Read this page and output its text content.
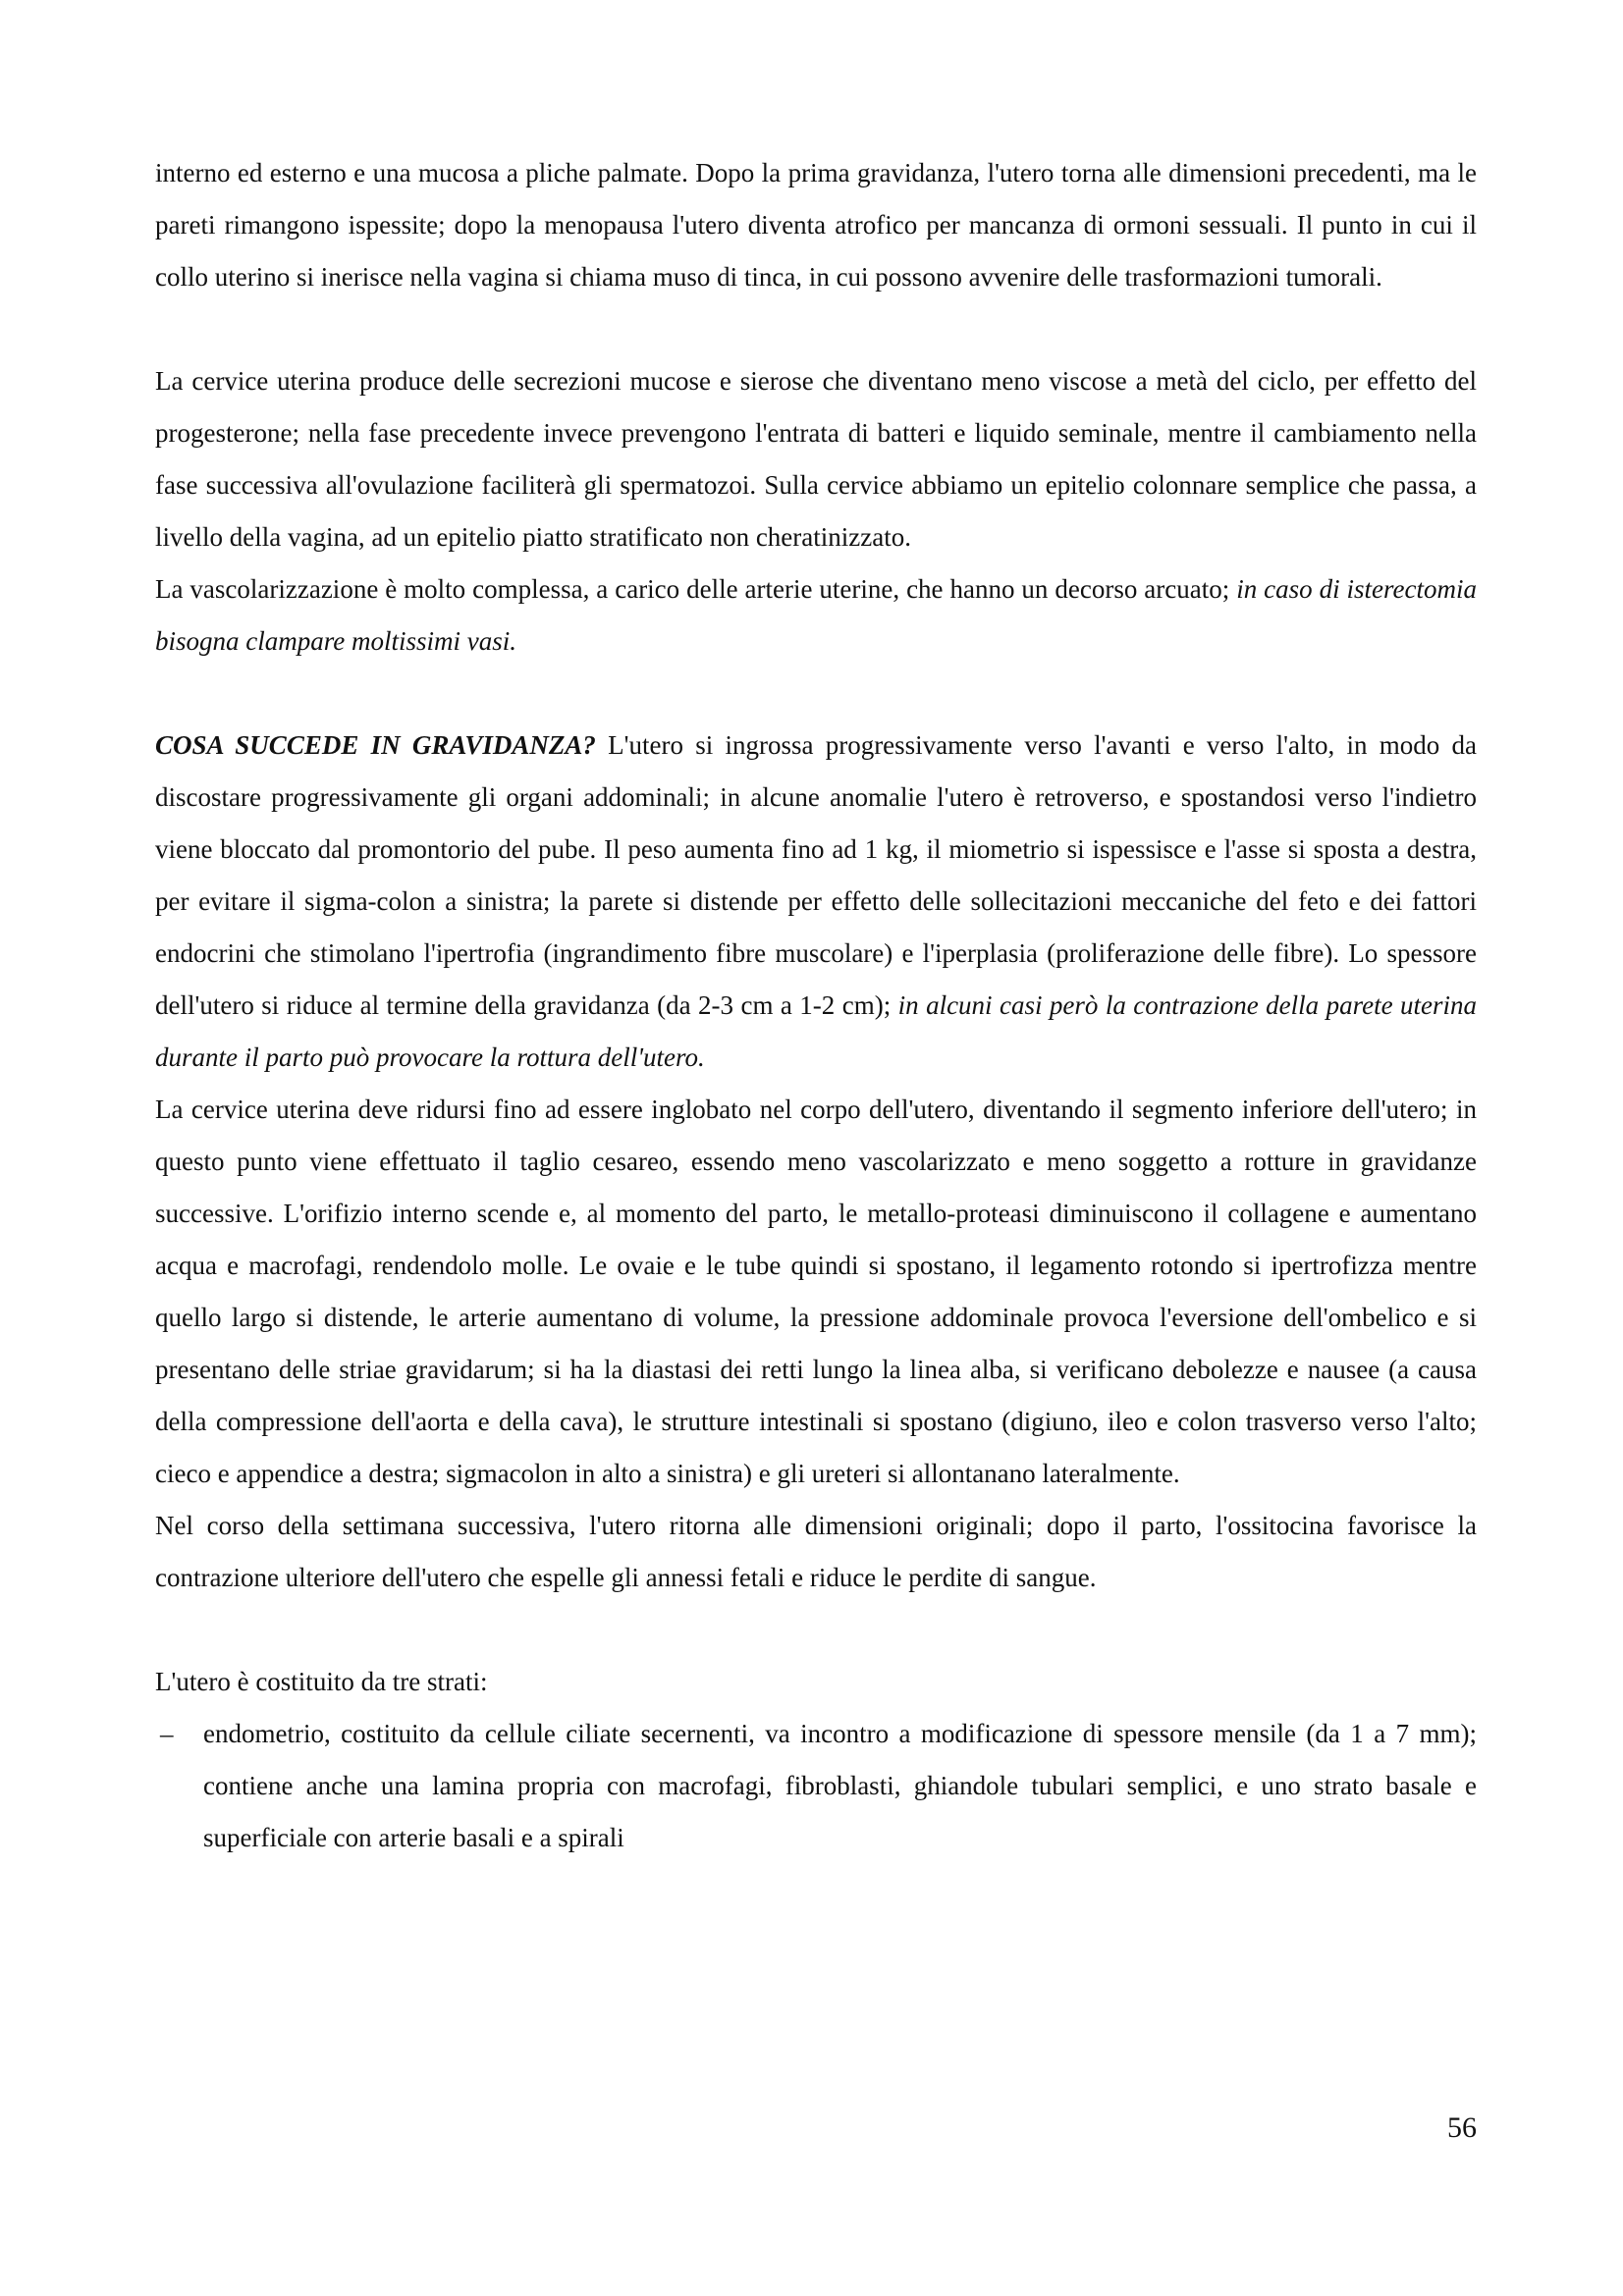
interno ed esterno e una mucosa a pliche palmate. Dopo la prima gravidanza, l'utero torna alle dimensioni precedenti, ma le pareti rimangono ispessite; dopo la menopausa l'utero diventa atrofico per mancanza di ormoni sessuali. Il punto in cui il collo uterino si inerisce nella vagina si chiama muso di tinca, in cui possono avvenire delle trasformazioni tumorali.

La cervice uterina produce delle secrezioni mucose e sierose che diventano meno viscose a metà del ciclo, per effetto del progesterone; nella fase precedente invece prevengono l'entrata di batteri e liquido seminale, mentre il cambiamento nella fase successiva all'ovulazione faciliterà gli spermatozoi. Sulla cervice abbiamo un epitelio colonnare semplice che passa, a livello della vagina, ad un epitelio piatto stratificato non cheratinizzato.

La vascolarizzazione è molto complessa, a carico delle arterie uterine, che hanno un decorso arcuato; in caso di isterectomia bisogna clampare moltissimi vasi.

COSA SUCCEDE IN GRAVIDANZA? L'utero si ingrossa progressivamente verso l'avanti e verso l'alto, in modo da discostare progressivamente gli organi addominali; in alcune anomalie l'utero è retroverso, e spostandosi verso l'indietro viene bloccato dal promontorio del pube. Il peso aumenta fino ad 1 kg, il miometrio si ispessisce e l'asse si sposta a destra, per evitare il sigma-colon a sinistra; la parete si distende per effetto delle sollecitazioni meccaniche del feto e dei fattori endocrini che stimolano l'ipertrofia (ingrandimento fibre muscolare) e l'iperplasia (proliferazione delle fibre). Lo spessore dell'utero si riduce al termine della gravidanza (da 2-3 cm a 1-2 cm); in alcuni casi però la contrazione della parete uterina durante il parto può provocare la rottura dell'utero.

La cervice uterina deve ridursi fino ad essere inglobato nel corpo dell'utero, diventando il segmento inferiore dell'utero; in questo punto viene effettuato il taglio cesareo, essendo meno vascolarizzato e meno soggetto a rotture in gravidanze successive. L'orifizio interno scende e, al momento del parto, le metallo-proteasi diminuiscono il collagene e aumentano acqua e macrofagi, rendendolo molle. Le ovaie e le tube quindi si spostano, il legamento rotondo si ipertrofizza mentre quello largo si distende, le arterie aumentano di volume, la pressione addominale provoca l'eversione dell'ombelico e si presentano delle striae gravidarum; si ha la diastasi dei retti lungo la linea alba, si verificano debolezze e nausee (a causa della compressione dell'aorta e della cava), le strutture intestinali si spostano (digiuno, ileo e colon trasverso verso l'alto; cieco e appendice a destra; sigmacolon in alto a sinistra) e gli ureteri si allontanano lateralmente.

Nel corso della settimana successiva, l'utero ritorna alle dimensioni originali; dopo il parto, l'ossitocina favorisce la contrazione ulteriore dell'utero che espelle gli annessi fetali e riduce le perdite di sangue.

L'utero è costituito da tre strati:

– endometrio, costituito da cellule ciliate secernenti, va incontro a modificazione di spessore mensile (da 1 a 7 mm); contiene anche una lamina propria con macrofagi, fibroblasti, ghiandole tubulari semplici, e uno strato basale e superficiale con arterie basali e a spirali
56
